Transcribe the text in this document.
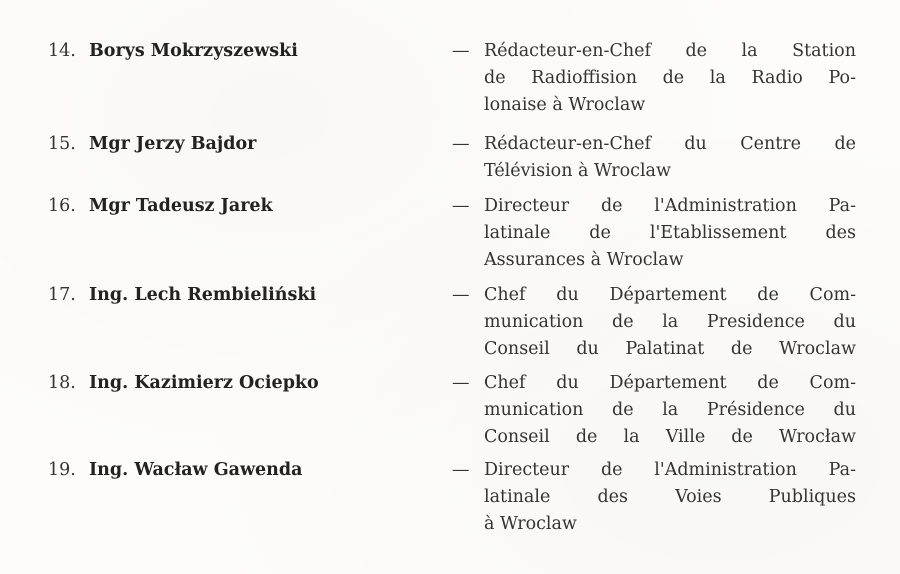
14. Borys Mokrzyszewski	— Rédacteur-en-Chef de la Station
de Radioffision de la Radio Po-
lonaise à Wroclaw
15. Mgr Jerzy Bajdor	— Rédacteur-en-Chef du Centre de
Télévision à Wroclaw
16. Mgr Tadeusz Jarek	— Directeur de l'Administration Pa-
latinale de l'Etablissement des
Assurances à Wroclaw
17. Ing. Lech Rembieliński	— Chef du Département de Com-
munication de la Presidence du
Conseil du Palatinat de Wroclaw
18. Ing. Kazimierz Ociepko	— Chef du Département de Com-
munication de la Présidence du
Conseil de la Ville de Wrocław
19. Ing. Wacław Gawenda	— Directeur de l'Administration Pa-
latinale des Voies Publiques
à Wroclaw
